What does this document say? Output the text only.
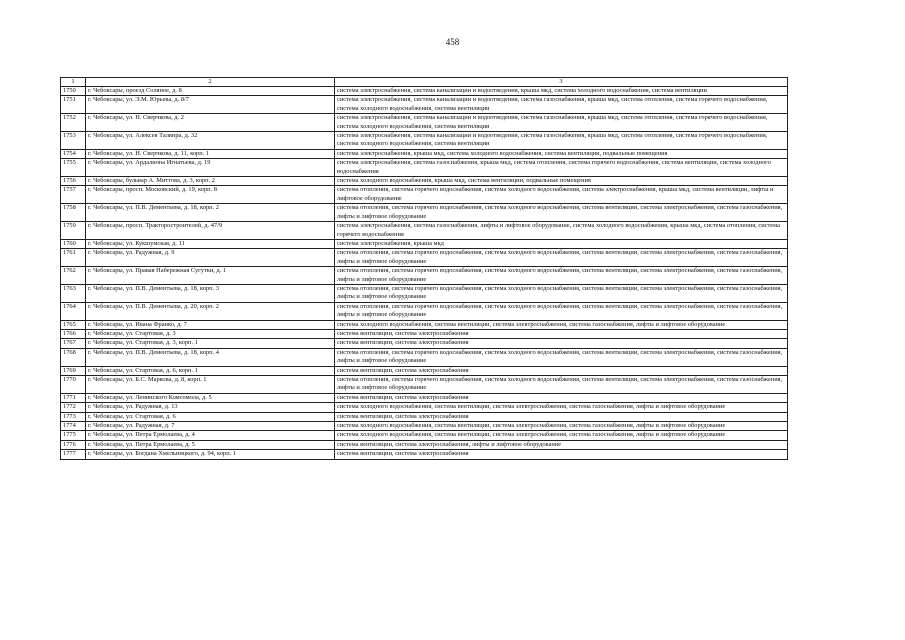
458
1	2	3
1750	г. Чебоксары, проезд Соляное, д. 8	система электроснабжения, система канализации и водоотведения, крыша мкд, система холодного водоснабжения, система вентиляции
1751	г. Чебоксары, ул. Э.М. Юрьева, д. 8/7	система электроснабжения, система канализации и водоотведения, система газоснабжения, крыша мкд, система отопления, система горячего водоснабжения, система холодного водоснабжения, система вентиляции
1752	г. Чебоксары, ул. Н. Сверчкова, д. 2	система электроснабжения, система канализации и водоотведения, система газоснабжения, крыша мкд, система отопления, система горячего водоснабжения, система холодного водоснабжения, система вентиляции
1753	г. Чебоксары, ул. Алексея Талвира, д. 32	система электроснабжения, система канализации и водоотведения, система газоснабжения, крыша мкд, система отопления, система горячего водоснабжения, система холодного водоснабжения, система вентиляции
1754	г. Чебоксары, ул. Н. Сверчкова, д. 11, корп. 1	система электроснабжения, крыша мкд, система холодного водоснабжения, система вентиляции, подвальные помещения
1755	г. Чебоксары, ул. Ардалиона Игнатьева, д. 19	система электроснабжения, система газоснабжения, крыша мкд, система отопления, система горячего водоснабжения, система вентиляции, система холодного водоснабжения
1756	г. Чебоксары, бульвар А. Миттова, д. 3, корп. 2	система холодного водоснабжения, крыша мкд, система вентиляции, подвальные помещения
1757	г. Чебоксары, просп. Московский, д. 19, корп. 8	система отопления, система горячего водоснабжения, система холодного водоснабжения, система электроснабжения, крыша мкд, система вентиляции, лифты и лифтовое оборудование
1758	г. Чебоксары, ул. П.В. Дементьева, д. 18, корп. 2	система отопления, система горячего водоснабжения, система холодного водоснабжения, система вентиляции, система электроснабжения, система газоснабжения, лифты и лифтовое оборудование
1759	г. Чебоксары, просп. Тракторостроителей, д. 47/9	система электроснабжения, система газоснабжения, лифты и лифтовое оборудование, система холодного водоснабжения, крыша мкд, система отопления, система горячего водоснабжения
1760	г. Чебоксары, ул. Кукшумская, д. 11	система электроснабжения, крыша мкд
1761	г. Чебоксары, ул. Радужная, д. 9	система отопления, система горячего водоснабжения, система холодного водоснабжения, система вентиляции, система электроснабжения, система газоснабжения, лифты и лифтовое оборудование
1762	г. Чебоксары, ул. Правая Набережная Сугутки, д. 1	система отопления, система горячего водоснабжения, система холодного водоснабжения, система вентиляции, система электроснабжения, система газоснабжения, лифты и лифтовое оборудование
1763	г. Чебоксары, ул. П.В. Дементьева, д. 18, корп. 3	система отопления, система горячего водоснабжения, система холодного водоснабжения, система вентиляции, система электроснабжения, система газоснабжения, лифты и лифтовое оборудование
1764	г. Чебоксары, ул. П.В. Дементьева, д. 20, корп. 2	система отопления, система горячего водоснабжения, система холодного водоснабжения, система вентиляции, система электроснабжения, система газоснабжения, лифты и лифтовое оборудование
1765	г. Чебоксары, ул. Ивана Франко, д. 7	система холодного водоснабжения, система вентиляции, система электроснабжения, система газоснабжения, лифты и лифтовое оборудование
1766	г. Чебоксары, ул. Стартовая, д. 3	система вентиляции, система электроснабжения
1767	г. Чебоксары, ул. Стартовая, д. 3, корп. 1	система вентиляции, система электроснабжения
1768	г. Чебоксары, ул. П.В. Дементьева, д. 18, корп. 4	система отопления, система горячего водоснабжения, система холодного водоснабжения, система вентиляции, система электроснабжения, система газоснабжения, лифты и лифтовое оборудование
1769	г. Чебоксары, ул. Стартовая, д. 6, корп. 1	система вентиляции, система электроснабжения
1770	г. Чебоксары, ул. Б.С. Маркова, д. 8, корп. 1	система отопления, система горячего водоснабжения, система холодного водоснабжения, система вентиляции, система электроснабжения, система газоснабжения, лифты и лифтовое оборудование
1771	г. Чебоксары, ул. Ленинского Комсомола, д. 5	система вентиляции, система электроснабжения
1772	г. Чебоксары, ул. Радужная, д. 13	система холодного водоснабжения, система вентиляции, система электроснабжения, система газоснабжения, лифты и лифтовое оборудование
1773	г. Чебоксары, ул. Стартовая, д. 6	система вентиляции, система электроснабжения
1774	г. Чебоксары, ул. Радужная, д. 7	система холодного водоснабжения, система вентиляции, система электроснабжения, система газоснабжения, лифты и лифтовое оборудование
1775	г. Чебоксары, ул. Петра Ермолаева, д. 4	система холодного водоснабжения, система вентиляции, система электроснабжения, система газоснабжения, лифты и лифтовое оборудование
1776	г. Чебоксары, ул. Петра Ермолаева, д. 5	система вентиляции, система электроснабжения, лифты и лифтовое оборудование
1777	г. Чебоксары, ул. Богдана Хмельницкого, д. 94, корп. 1	система вентиляции, система электроснабжения
